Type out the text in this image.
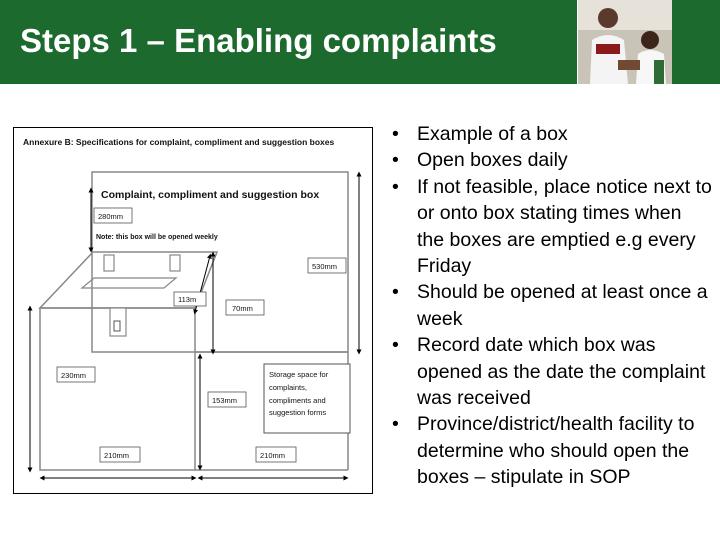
Steps 1 – Enabling complaints
Annexure B: Specifications for complaint, compliment and suggestion boxes
Complaint, compliment and suggestion box
Note: this box will be opened weekly
Storage space for complaints, compliments and suggestion forms
280mm
530mm
113m
70mm
230mm
153mm
210mm	210mm
• Example of a box
• Open boxes daily
• If not feasible, place notice next to or onto box stating times when the boxes are emptied e.g every Friday
• Should be opened at least once a week
• Record date which box was opened as the date the complaint was received
• Province/district/health facility to determine who should open the boxes – stipulate in SOP
